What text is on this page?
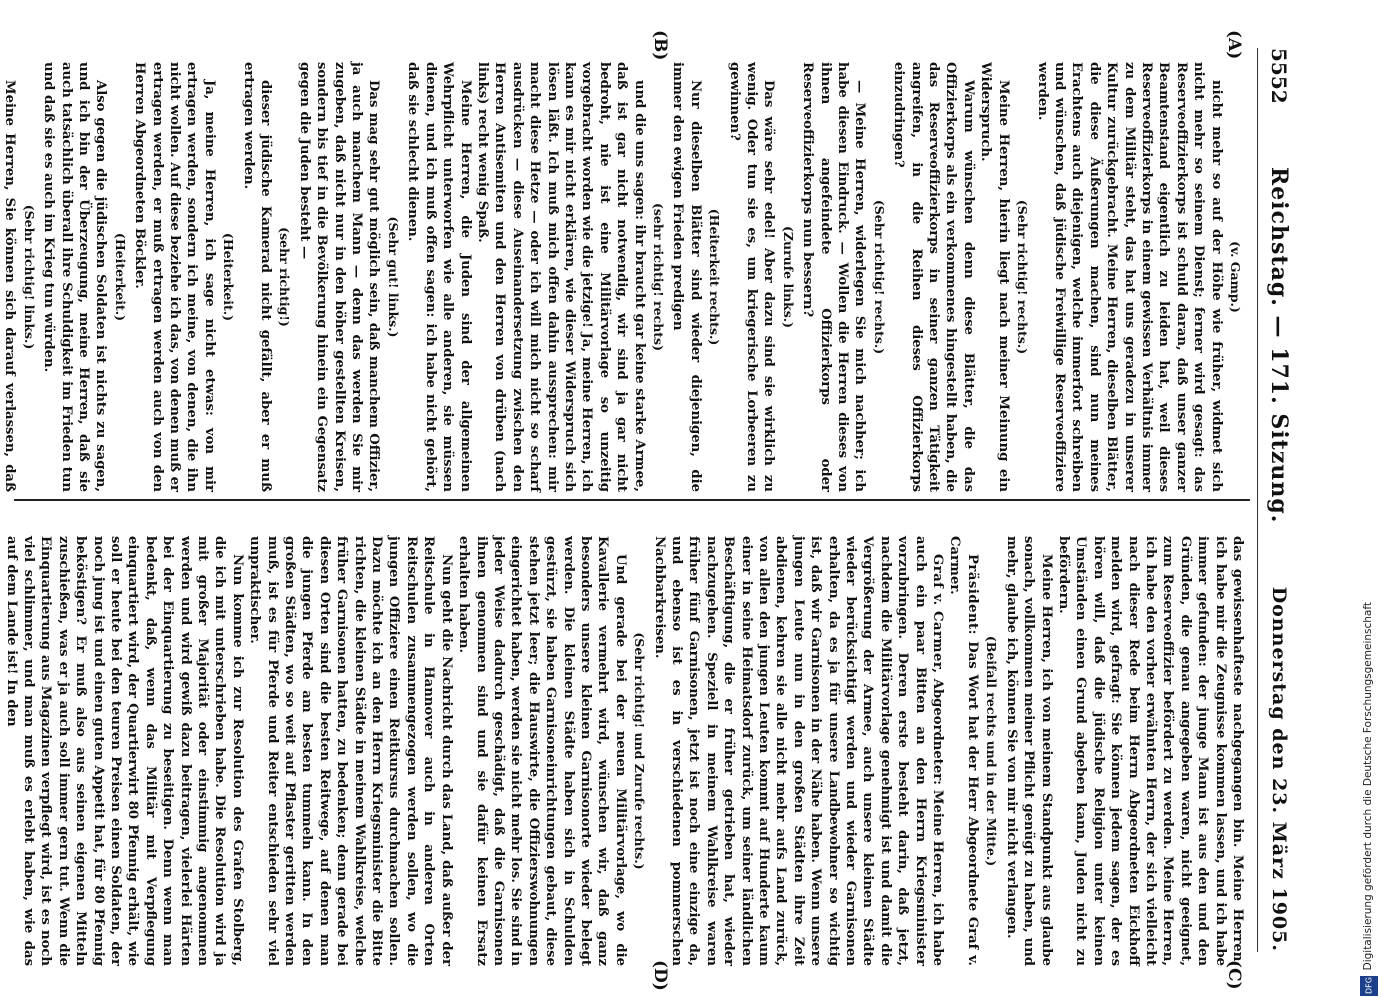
5552
Reichstag. — 171. Sitzung.
Donnerstag den 23. März 1905.
(A)
(B)
(C)
(D)

(v. Gamp.)

nicht mehr so auf der Höhe wie früher, widmet sich nicht mehr so seinem Dienst; ferner wird gesagt: das Reserveoffizierkorps ist schuld daran, daß unser ganzer Beamtenstand eigentlich zu leiden hat, weil dieses Reserveoffizierkorps in einem gewissen Verhältnis immer zu dem Militär steht, das hat uns geradezu in unserer Kultur zurückgebracht. Meine Herren, dieselben Blätter, die diese Äußerungen machen, sind nun meines Erachtens auch diejenigen, welche immerfort schreiben und wünschen, daß jüdische Freiwillige Reserveoffiziere werden.

(Sehr richtig! rechts.)

Meine Herren, hierin liegt nach meiner Meinung ein Widerspruch.

Warum wünschen denn diese Blätter, die das Offizierkorps als ein verkommenes hingestellt haben, die das Reserveoffizierkorps in seiner ganzen Tätigkeit angreifen, in die Reihen dieses Offizierkorps einzudringen?

(Sehr richtig! rechts.)

— Meine Herren, widerlegen Sie mich nachher; ich habe diesen Eindruck. — Wollen die Herren dieses von ihnen angefeindete Offizierkorps oder Reserveoffizierkorps nun bessern?

(Zurufe links.)

Das wäre sehr edel! Aber dazu sind sie wirklich zu wenig. Oder tun sie es, um kriegerische Lorbeeren zu gewinnen?

(Heiterkeit rechts.)

Nur dieselben Blätter sind wieder diejenigen, die immer den ewigen Frieden predigen

(sehr richtig! rechts)

und die uns sagen: ihr braucht gar keine starke Armee, daß ist gar nicht notwendig, wir sind ja gar nicht bedroht, nie ist eine Militärvorlage so unzeitig vorgebracht worden wie die jetzige! Ja, meine Herren, ich kann es mir nicht erklären, wie dieser Widerspruch sich lösen läßt. Ich muß mich offen dahin aussprechen: mir macht diese Hetze — oder ich will mich nicht so scharf ausdrücken — diese Auseinandersetzung zwischen den Herren Antisemiten und den Herren von drüben (nach links) recht wenig Spaß.

Meine Herren, die Juden sind der allgemeinen Wehrpflicht unterworfen wie alle anderen, sie müssen dienen, und ich muß offen sagen: ich habe nicht gehört, daß sie schlecht dienen.

(Sehr gut! links.)

Das mag sehr gut möglich sein, daß manchem Offizier, ja auch manchem Mann — denn das werden Sie mir zugeben, daß nicht nur in den höher gestellten Kreisen, sondern bis tief in die Bevölkerung hinein ein Gegensatz gegen die Juden besteht —

(sehr richtig!)

dieser jüdische Kamerad nicht gefällt, aber er muß ertragen werden.

(Heiterkeit.)

Ja, meine Herren, ich sage nicht etwas: von mir ertragen werden, sondern ich meine, von denen, die ihn nicht wollen. Auf diese beziehe ich das, von denen muß er ertragen werden, er muß ertragen werden auch von den Herren Abgeordneten Böckler.

(Heiterkeit.)

Also gegen die jüdischen Soldaten ist nichts zu sagen, und ich bin der Überzeugung, meine Herren, daß sie auch tatsächlich überall ihre Schuldigkeit im Frieden tun und daß sie es auch im Krieg tun würden.

(Sehr richtig! links.)

Meine Herren, Sie können sich darauf verlassen, daß

das gewissenhafteste nachgegangen bin. Meine Herren, ich habe mir die Zeugnisse kommen lassen, und ich habe immer gefunden: der junge Mann ist aus den und den Gründen, die genau angegeben waren, nicht geeignet, zum Reserveoffizier befördert zu werden. Meine Herren, ich habe den vorher erwähnten Herrn, der sich vielleicht nach dieser Rede beim Herrn Abgeordneten Eickhoff melden wird, gefragt: Sie können jedem sagen, der es hören will, daß die jüdische Religion unter keinen Umständen einen Grund abgeben kann, Juden nicht zu befördern.

Meine Herren, ich von meinem Standpunkt aus glaube sonach, vollkommen meiner Pflicht genügt zu haben, und mehr, glaube ich, können Sie von mir nicht verlangen.

(Beifall rechts und in der Mitte.)

Präsident: Das Wort hat der Herr Abgeordnete Graf v. Carmer.

Graf v. Carmer, Abgeordneter: Meine Herren, ich habe auch ein paar Bitten an den Herrn Kriegsminister vorzubringen. Deren erste besteht darin, daß jetzt, nachdem die Militärvorlage genehmigt ist und damit die Vergrößerung der Armee, auch unsere kleinen Städte wieder berücksichtigt werden und wieder Garnisonen erhalten, da es ja für unsere Landbewohner so wichtig ist, daß wir Garnisonen in der Nähe haben. Wenn unsere jungen Leute nun in den großen Städten ihre Zeit abdienen, kehren sie alle nicht mehr aufs Land zurück, von allen den jungen Leuten kommt auf Hunderte kaum einer in seine Heimatsdorf zurück, um seiner ländlichen Beschäftigung, die er früher getrieben hat, wieder nachzugehen. Speziell in meinem Wahlkreise waren früher fünf Garnisonen, jetzt ist noch eine einzige da, und ebenso ist es in verschiedenen pommerschen Nachbarkreisen.

(Sehr richtig! und Zurufe rechts.)

Und gerade bei der neuen Militärvorlage, wo die Kavallerie vermehrt wird, wünschen wir, daß ganz besonders unsere kleinen Garnisonorte wieder belegt werden. Die kleinen Städte haben sich in Schulden gestürzt, sie haben Garnisoneinrichtungen gebaut, diese stehen jetzt leer; die Hauswirte, die Offizierswohnungen eingerichtet haben, werden sie nicht mehr los. Sie sind in jeder Weise dadurch geschädigt, daß die Garnisonen ihnen genommen sind und sie dafür keinen Ersatz erhalten haben.

Nun geht die Nachricht durch das Land, daß außer der Reitschule in Hannover auch in anderen Orten Reitschulen zusammengezogen werden sollen, wo die jungen Offiziere einen Reitkursus durchmachen sollen. Dazu möchte ich an den Herrn Kriegsminister die Bitte richten, die kleinen Städte in meinem Wahlkreise, welche früher Garnisonen hatten, zu bedenken; denn gerade bei diesen Orten sind die besten Reitwege, auf denen man die jungen Pferde am besten tummeln kann. In den großen Städten, wo so weit auf Pflaster geritten werden muß, ist es für Pferde und Reiter entschieden sehr viel unpraktischer.

Nun komme ich zur Resolution des Grafen Stolberg, die ich mit unterschrieben habe. Die Resolution wird ja mit großer Majorität oder einstimmig angenommen werden und wird gewiß dazu beitragen, vielerlei Härten bei der Einquartierung zu beseitigen. Denn wenn man bedenkt, daß, wenn das Militär mit Verpflegung einquartiert wird, der Quartierwirt 80 Pfennig erhält, wie soll er heute bei den teuren Preisen einen Soldaten, der noch jung ist und einen guten Appetit hat, für 80 Pfennig beköstigen? Er muß also aus seinen eigenen Mitteln zuschießen, was er ja auch soll immer gern tut. Wenn die Einquartierung aus Magazinen verpflegt wird, ist es noch viel schlimmer, und man muß es erlebt haben, wie das auf dem Lande ist! In den	Digitalisierung gefördert durch die Deutsche Forschungsgemeinschaft
DFG
